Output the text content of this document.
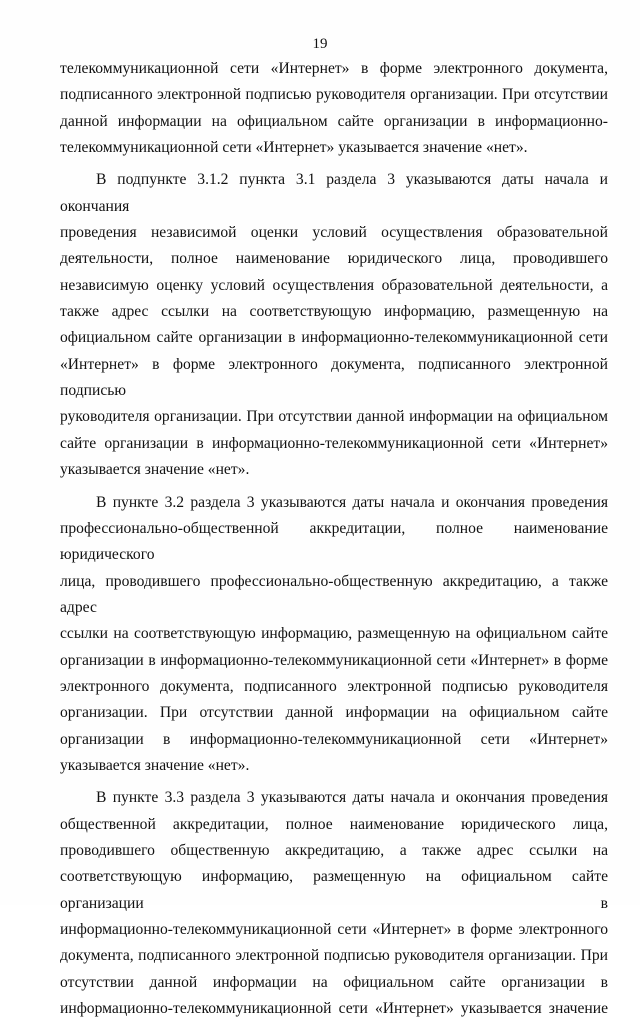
19

телекоммуникационной сети «Интернет» в форме электронного документа,

подписанного электронной подписью руководителя организации. При отсутствии

данной информации на официальном сайте организации в информационно-

телекоммуникационной сети «Интернет» указывается значение «нет».

В подпункте 3.1.2 пункта 3.1 раздела 3 указываются даты начала и окончания

проведения независимой оценки условий осуществления образовательной

деятельности, полное наименование юридического лица, проводившего

независимую оценку условий осуществления образовательной деятельности, а

также адрес ссылки на соответствующую информацию, размещенную на

официальном сайте организации в информационно-телекоммуникационной сети

«Интернет» в форме электронного документа, подписанного электронной подписью

руководителя организации. При отсутствии данной информации на официальном

сайте организации в информационно-телекоммуникационной сети «Интернет»

указывается значение «нет».

В пункте 3.2 раздела 3 указываются даты начала и окончания проведения

профессионально-общественной аккредитации, полное наименование юридического

лица, проводившего профессионально-общественную аккредитацию, а также адрес

ссылки на соответствующую информацию, размещенную на официальном сайте

организации в информационно-телекоммуникационной сети «Интернет» в форме

электронного документа, подписанного электронной подписью руководителя

организации. При отсутствии данной информации на официальном сайте

организации в информационно-телекоммуникационной сети «Интернет»

указывается значение «нет».

В пункте 3.3 раздела 3 указываются даты начала и окончания проведения

общественной аккредитации, полное наименование юридического лица,

проводившего общественную аккредитацию, а также адрес ссылки на

соответствующую информацию, размещенную на официальном сайте организации в

информационно-телекоммуникационной сети «Интернет» в форме электронного

документа, подписанного электронной подписью руководителя организации. При

отсутствии данной информации на официальном сайте организации в

информационно-телекоммуникационной сети «Интернет» указывается значение
